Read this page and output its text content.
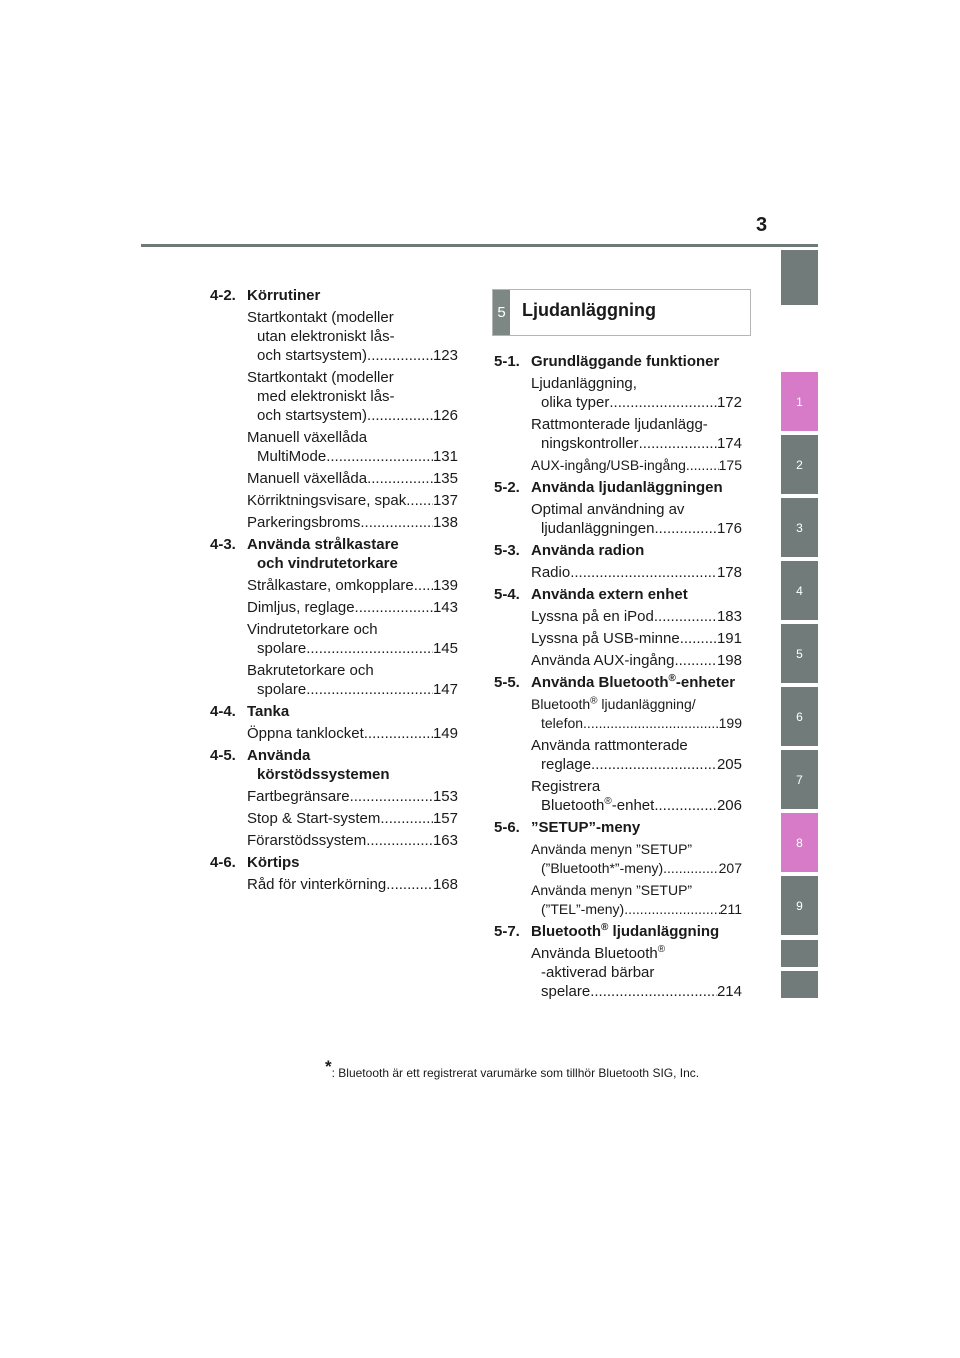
3
4-2. Körrutiner
Startkontakt (modeller
utan elektroniskt lås-
och startsystem) .....	123
Startkontakt (modeller
med elektroniskt lås-
och startsystem) .....	126
Manuell växellåda
MultiMode .....	131
Manuell växellåda .....	135
Körriktningsvisare, spak ..... 137
Parkeringsbroms .....	138
4-3. Använda strålkastare
och vindrutetorkare
Strålkastare, omkopplare ..... 139
Dimljus, reglage .....	143
Vindrutetorkare och
spolare .....	145
Bakrutetorkare och
spolare .....	147
4-4. Tanka
Öppna tanklocket .....	149
4-5. Använda
körstödssystemen
Fartbegränsare .....	153
Stop & Start-system .....	157
Förarstödssystem .....	163
4-6. Körtips
Råd för vinterkörning .....	168
5 Ljudanläggning
5-1. Grundläggande funktioner
Ljudanläggning,
olika typer .....	172
Rattmonterade ljudanlägg-
ningskontroller .....	174
AUX-ingång/USB-ingång ..... 175
5-2. Använda ljudanläggningen
Optimal användning av
ljudanläggningen .....	176
5-3. Använda radion
Radio .....	178
5-4. Använda extern enhet
Lyssna på en iPod .....	183
Lyssna på USB-minne ..... 191
Använda AUX-ingång .....	198
5-5. Använda Bluetooth®-enheter
Bluetooth® ljudanläggning/
telefon .....	199
Använda rattmonterade
reglage .....	205
Registrera
Bluetooth®-enhet .....	206
5-6. ”SETUP”-meny
Använda menyn ”SETUP”
(”Bluetooth*”-meny) .....	207
Använda menyn ”SETUP”
(”TEL”-meny) .....	211
5-7. Bluetooth® ljudanläggning
Använda Bluetooth®
-aktiverad bärbar
spelare .....	214
*: Bluetooth är ett registrerat varumärke som tillhör Bluetooth SIG, Inc.
1
2
3
4
5
6
7
8
9
